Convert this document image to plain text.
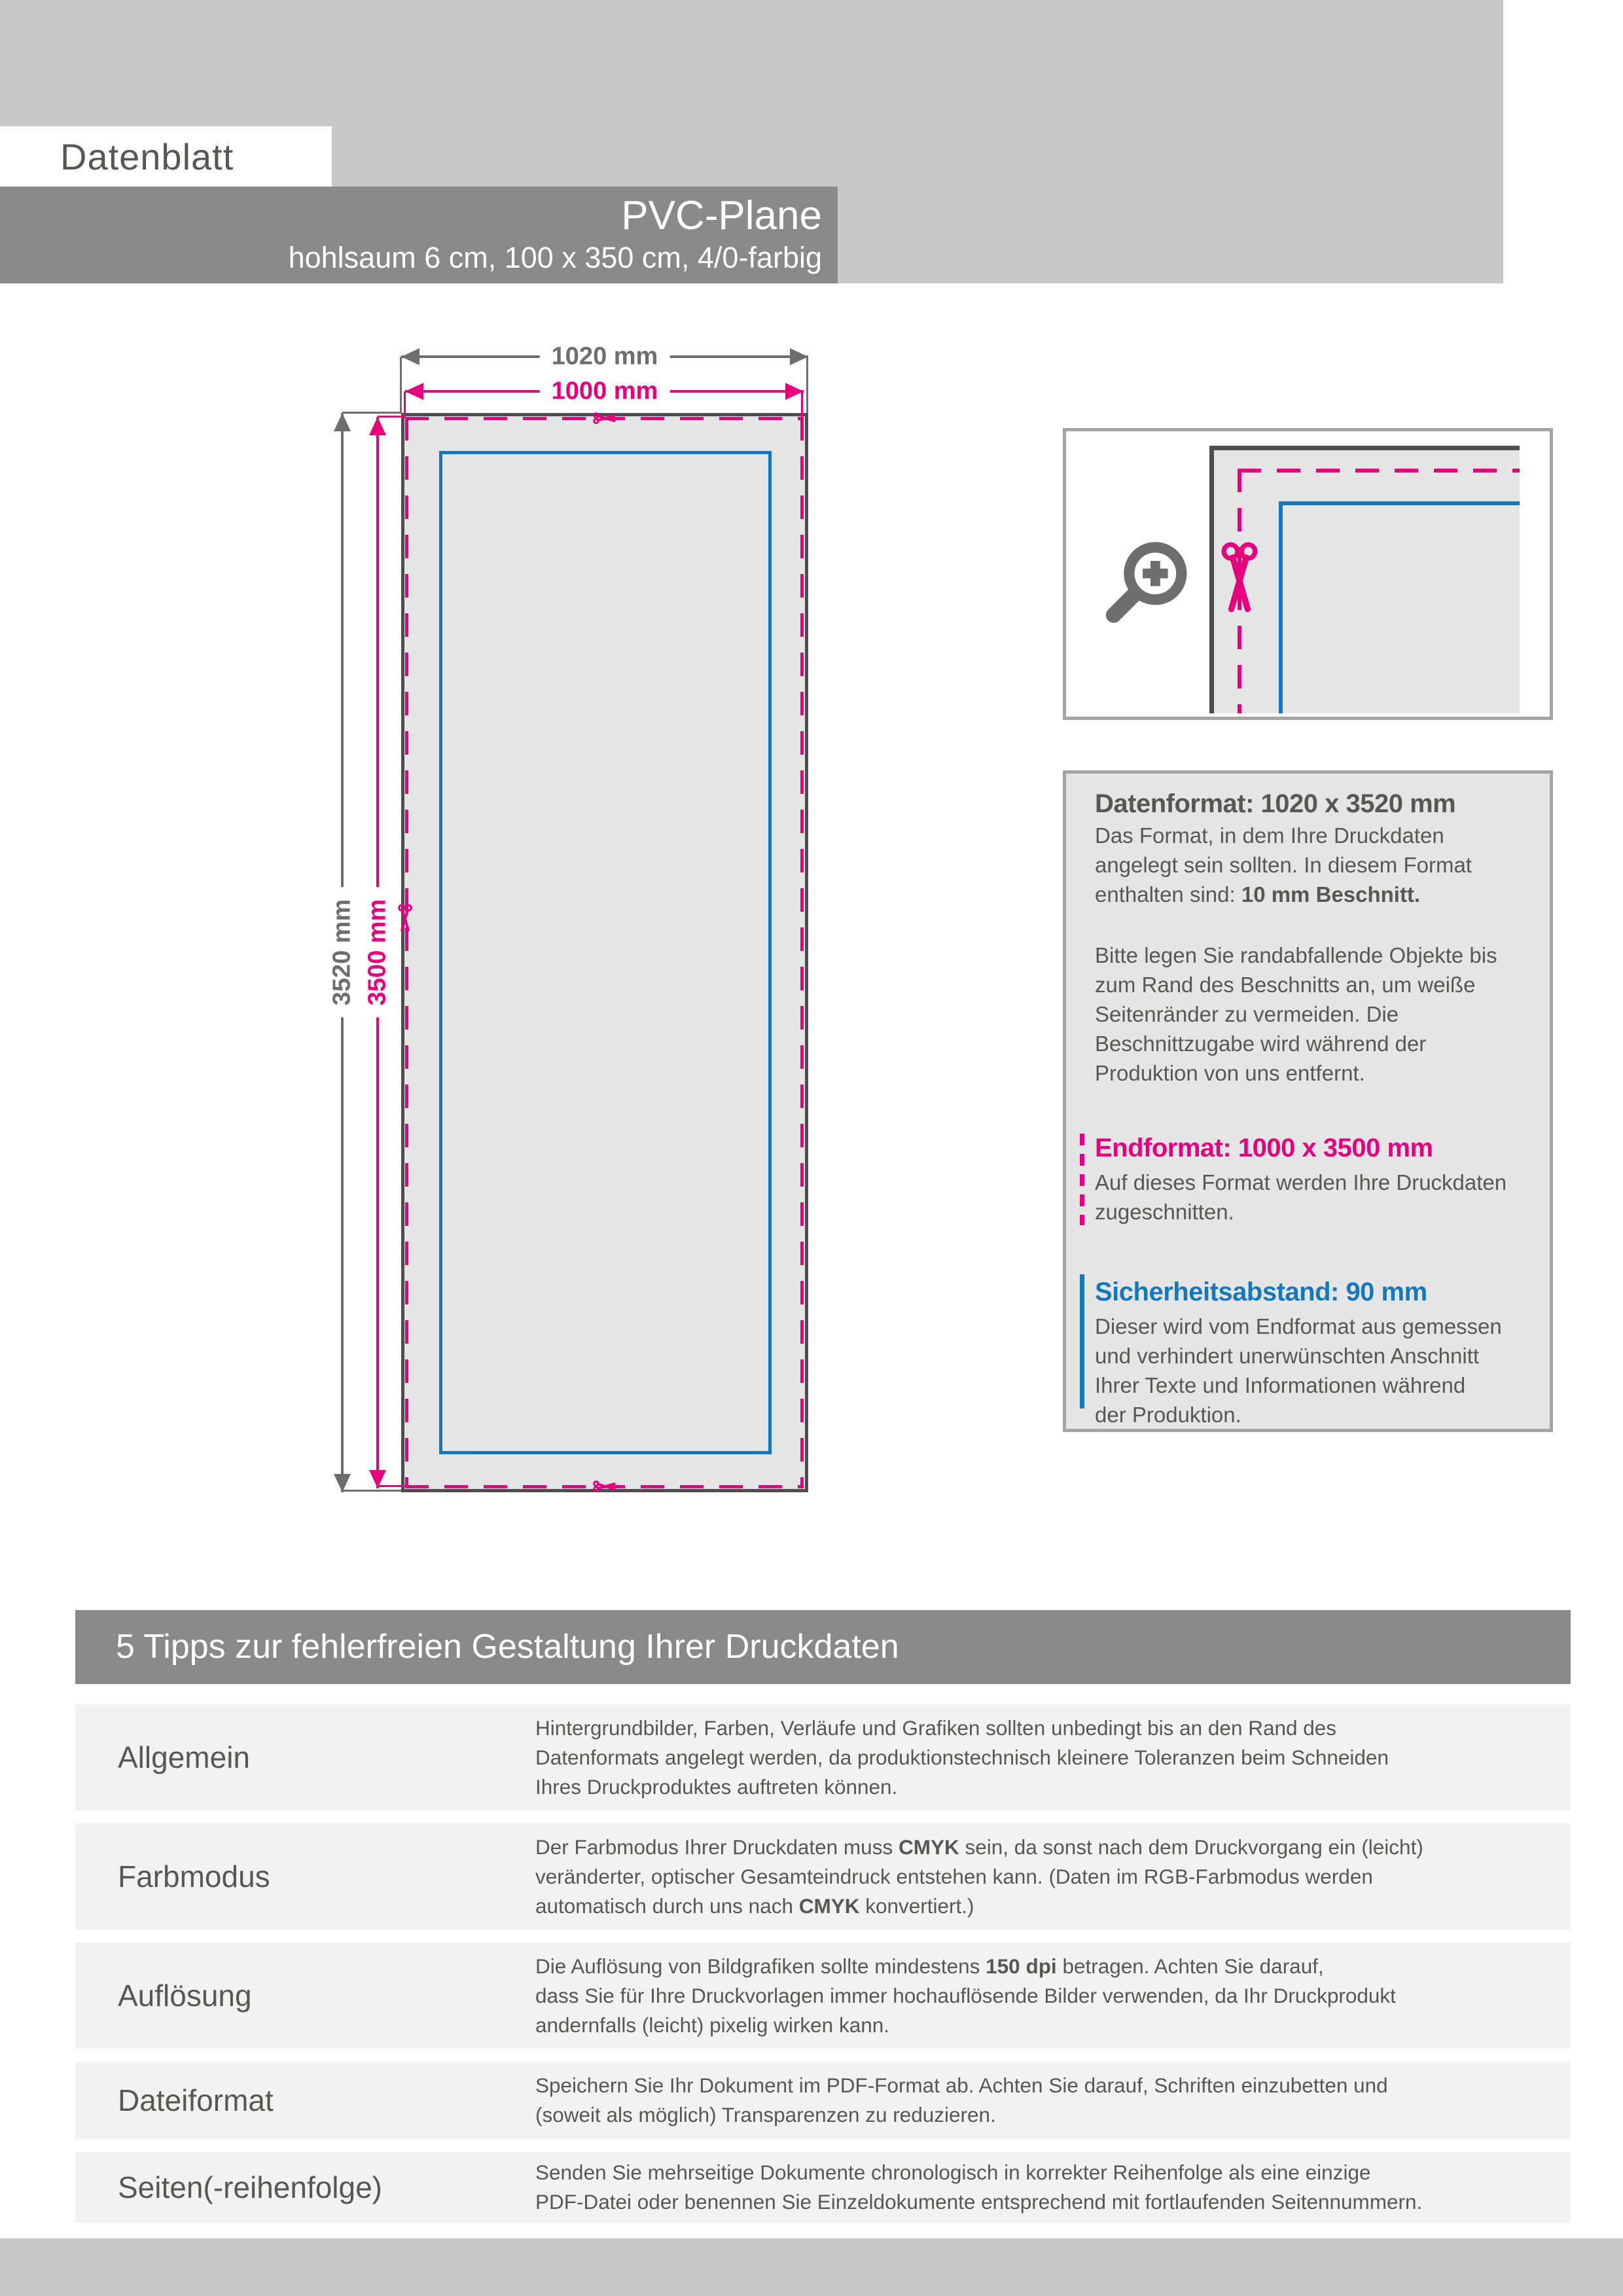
Datenblatt
PVC-Plane
hohlsaum 6 cm, 100 x 350 cm, 4/0-farbig
1020 mm
1000 mm
3520 mm 3500 mm
Datenformat: 1020 x 3520 mm

Das Format, in dem Ihre Druckdaten
angelegt sein sollten. In diesem Format
enthalten sind: 10 mm Beschnitt.

Bitte legen Sie randabfallende Objekte bis
zum Rand des Beschnitts an, um weiße
Seitenränder zu vermeiden. Die
Beschnittzugabe wird während der
Produktion von uns entfernt.

Endformat: 1000 x 3500 mm

Auf dieses Format werden Ihre Druckdaten
zugeschnitten.

Sicherheitsabstand: 90 mm

Dieser wird vom Endformat aus gemessen
und verhindert unerwünschten Anschnitt
Ihrer Texte und Informationen während
der Produktion.

5 Tipps zur fehlerfreien Gestaltung Ihrer Druckdaten
Allgemein
Hintergrundbilder, Farben, Verläufe und Grafiken sollten unbedingt bis an den Rand des
Datenformats angelegt werden, da produktionstechnisch kleinere Toleranzen beim Schneiden
Ihres Druckproduktes auftreten können.
Farbmodus
Der Farbmodus Ihrer Druckdaten muss CMYK sein, da sonst nach dem Druckvorgang ein (leicht)
veränderter, optischer Gesamteindruck entstehen kann. (Daten im RGB-Farbmodus werden
automatisch durch uns nach CMYK konvertiert.)
Auflösung
Die Auflösung von Bildgrafiken sollte mindestens 150 dpi betragen. Achten Sie darauf,
dass Sie für Ihre Druckvorlagen immer hochauflösende Bilder verwenden, da Ihr Druckprodukt
andernfalls (leicht) pixelig wirken kann.
Dateiformat	Speichern Sie Ihr Dokument im PDF-Format ab. Achten Sie darauf, Schriften einzubetten und
(soweit als möglich) Transparenzen zu reduzieren.
Seiten(-reihenfolge)	Senden Sie mehrseitige Dokumente chronologisch in korrekter Reihenfolge als eine einzige
PDF-Datei oder benennen Sie Einzeldokumente entsprechend mit fortlaufenden Seitennummern.
